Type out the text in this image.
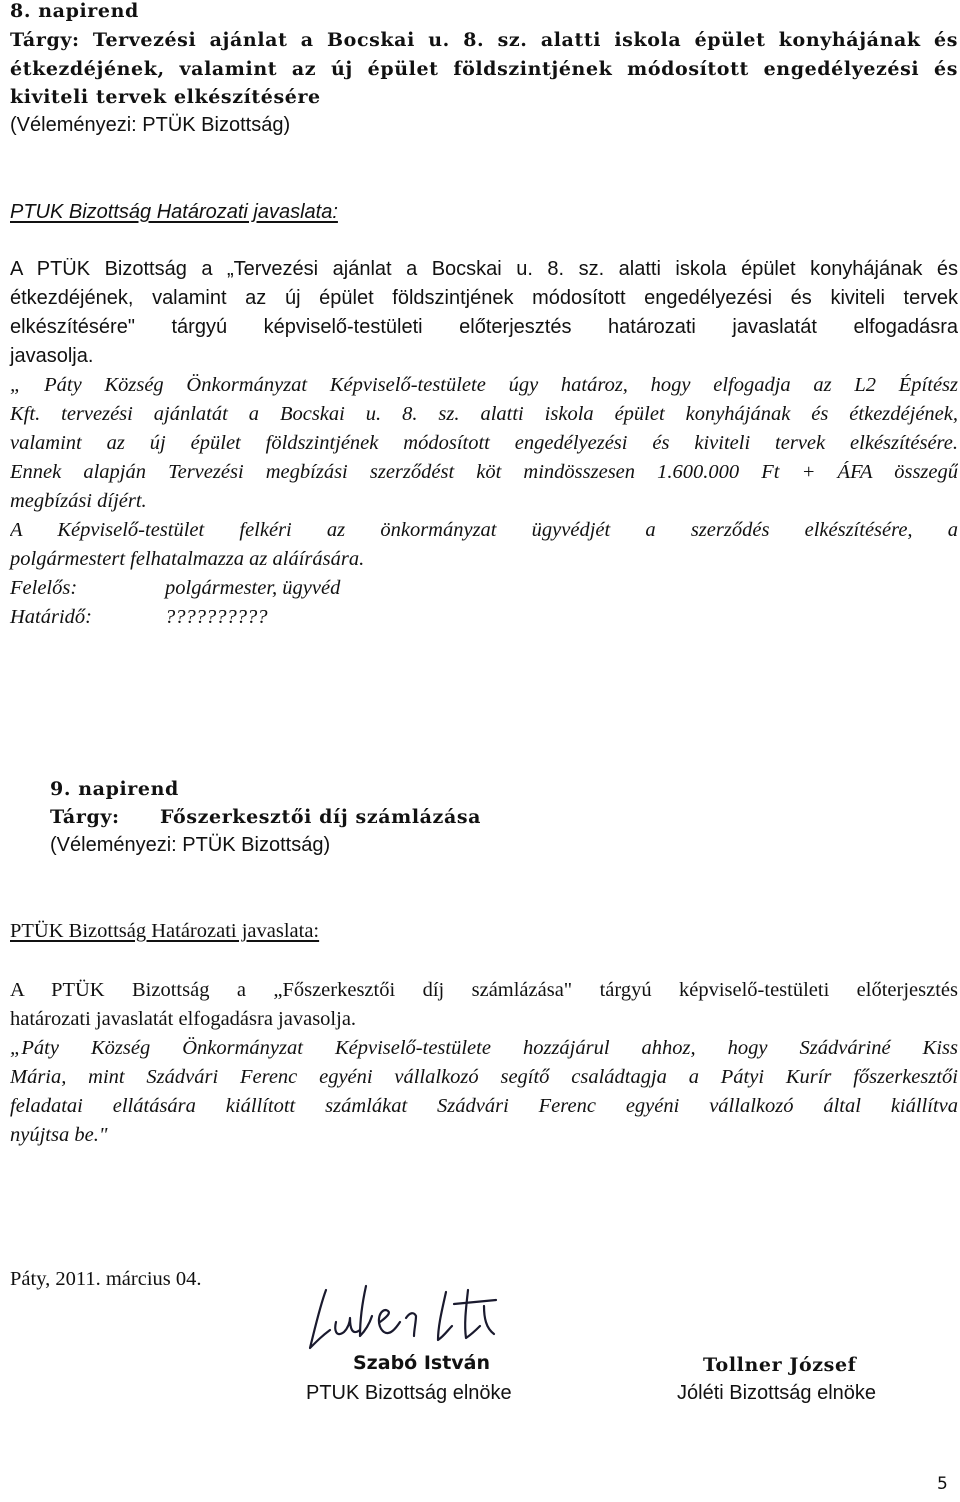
8. napirend
Tárgy: Tervezési ajánlat a Bocskai u. 8. sz. alatti iskola épület konyhájának és
étkezdéjének, valamint az új épület földszintjének módosított engedélyezési és
kiviteli tervek elkészítésére
(Véleményezi: PTÜK Bizottság)
PTUK Bizottság Határozati javaslata:
A PTÜK Bizottság a „Tervezési ajánlat a Bocskai u. 8. sz. alatti iskola épület konyhájának és
étkezdéjének, valamint az új épület földszintjének módosított engedélyezési és kiviteli tervek
elkészítésére" tárgyú képviselő-testületi előterjesztés határozati javaslatát elfogadásra
javasolja.
„ Páty Község Önkormányzat Képviselő-testülete úgy határoz, hogy elfogadja az L2 Építész
Kft. tervezési ajánlatát a Bocskai u. 8. sz. alatti iskola épület konyhájának és étkezdéjének,
valamint az új épület földszintjének módosított engedélyezési és kiviteli tervek elkészítésére.
Ennek alapján Tervezési megbízási szerződést köt mindösszesen 1.600.000 Ft + ÁFA összegű
megbízási díjért.
A Képviselő-testület felkéri az önkormányzat ügyvédjét a szerződés elkészítésére, a
polgármestert felhatalmazza az aláírására.
Felelős:	polgármester, ügyvéd
Határidő:	??????????
9. napirend
Tárgy: Főszerkesztői díj számlázása
(Véleményezi: PTÜK Bizottság)
PTÜK Bizottság Határozati javaslata:
A PTÜK Bizottság a „Főszerkesztői díj számlázása" tárgyú képviselő-testületi előterjesztés
határozati javaslatát elfogadásra javasolja.
„Páty Község Önkormányzat Képviselő-testülete hozzájárul ahhoz, hogy Szádváriné Kiss
Mária, mint Szádvári Ferenc egyéni vállalkozó segítő családtagja a Pátyi Kurír főszerkesztői
feladatai ellátására kiállított számlákat Szádvári Ferenc egyéni vállalkozó által kiállítva
nyújtsa be."
Páty, 2011. március 04.
Szabó István
PTUK Bizottság elnöke
Tollner József
Jóléti Bizottság elnöke
5
